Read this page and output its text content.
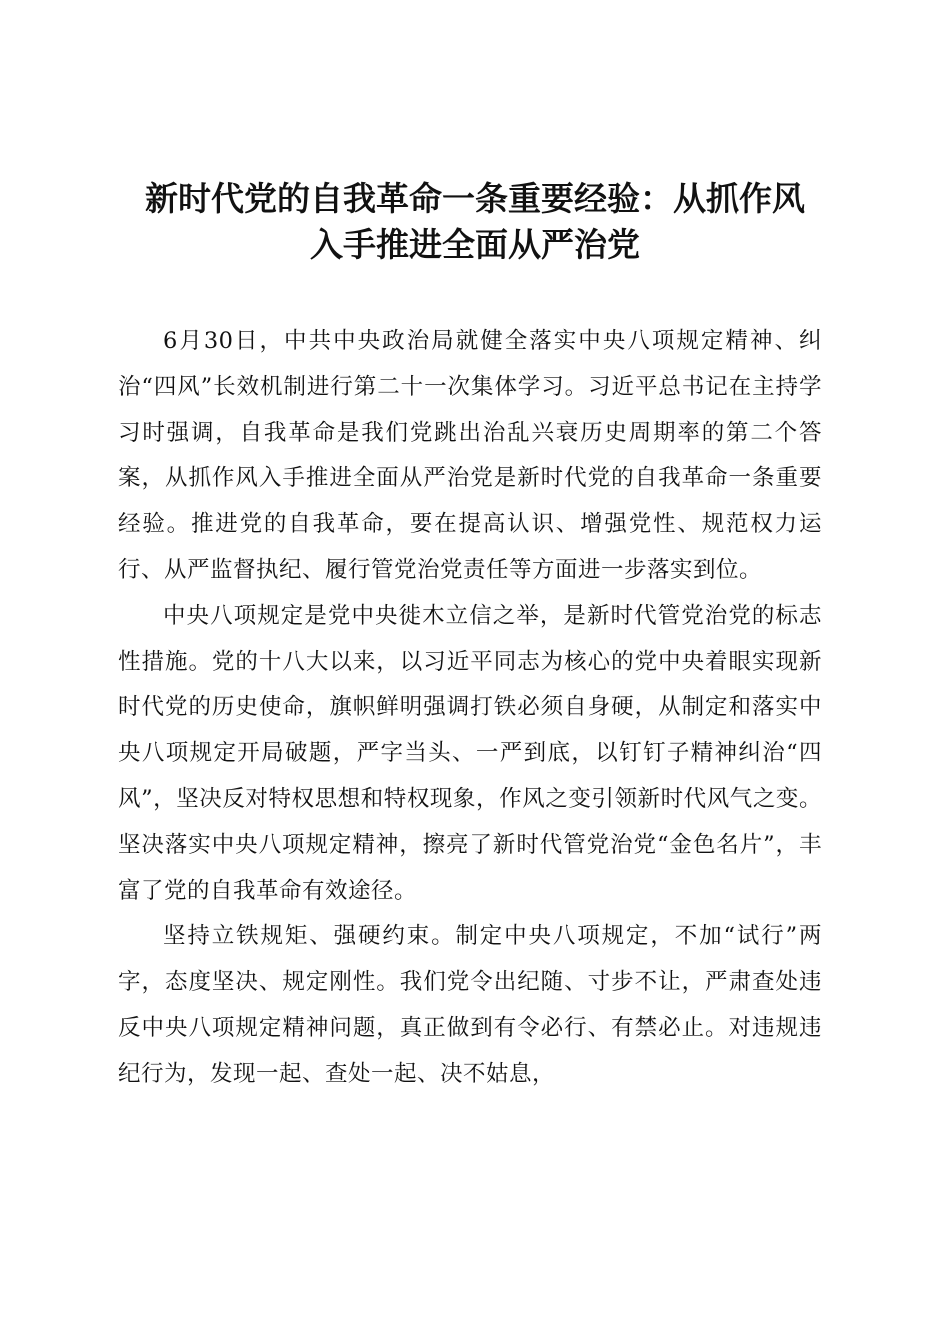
新时代党的自我革命一条重要经验：从抓作风
入手推进全面从严治党

6月30日，中共中央政治局就健全落实中央八项规定精神、纠治“四风”长效机制进行第二十一次集体学习。习近平总书记在主持学习时强调，自我革命是我们党跳出治乱兴衰历史周期率的第二个答案，从抓作风入手推进全面从严治党是新时代党的自我革命一条重要经验。推进党的自我革命，要在提高认识、增强党性、规范权力运行、从严监督执纪、履行管党治党责任等方面进一步落实到位。

中央八项规定是党中央徙木立信之举，是新时代管党治党的标志性措施。党的十八大以来，以习近平同志为核心的党中央着眼实现新时代党的历史使命，旗帜鲜明强调打铁必须自身硬，从制定和落实中央八项规定开局破题，严字当头、一严到底，以钉钉子精神纠治“四风”，坚决反对特权思想和特权现象，作风之变引领新时代风气之变。坚决落实中央八项规定精神，擦亮了新时代管党治党“金色名片”，丰富了党的自我革命有效途径。

坚持立铁规矩、强硬约束。制定中央八项规定，不加“试行”两字，态度坚决、规定刚性。我们党令出纪随、寸步不让，严肃查处违反中央八项规定精神问题，真正做到有令必行、有禁必止。对违规违纪行为，发现一起、查处一起、决不姑息，
